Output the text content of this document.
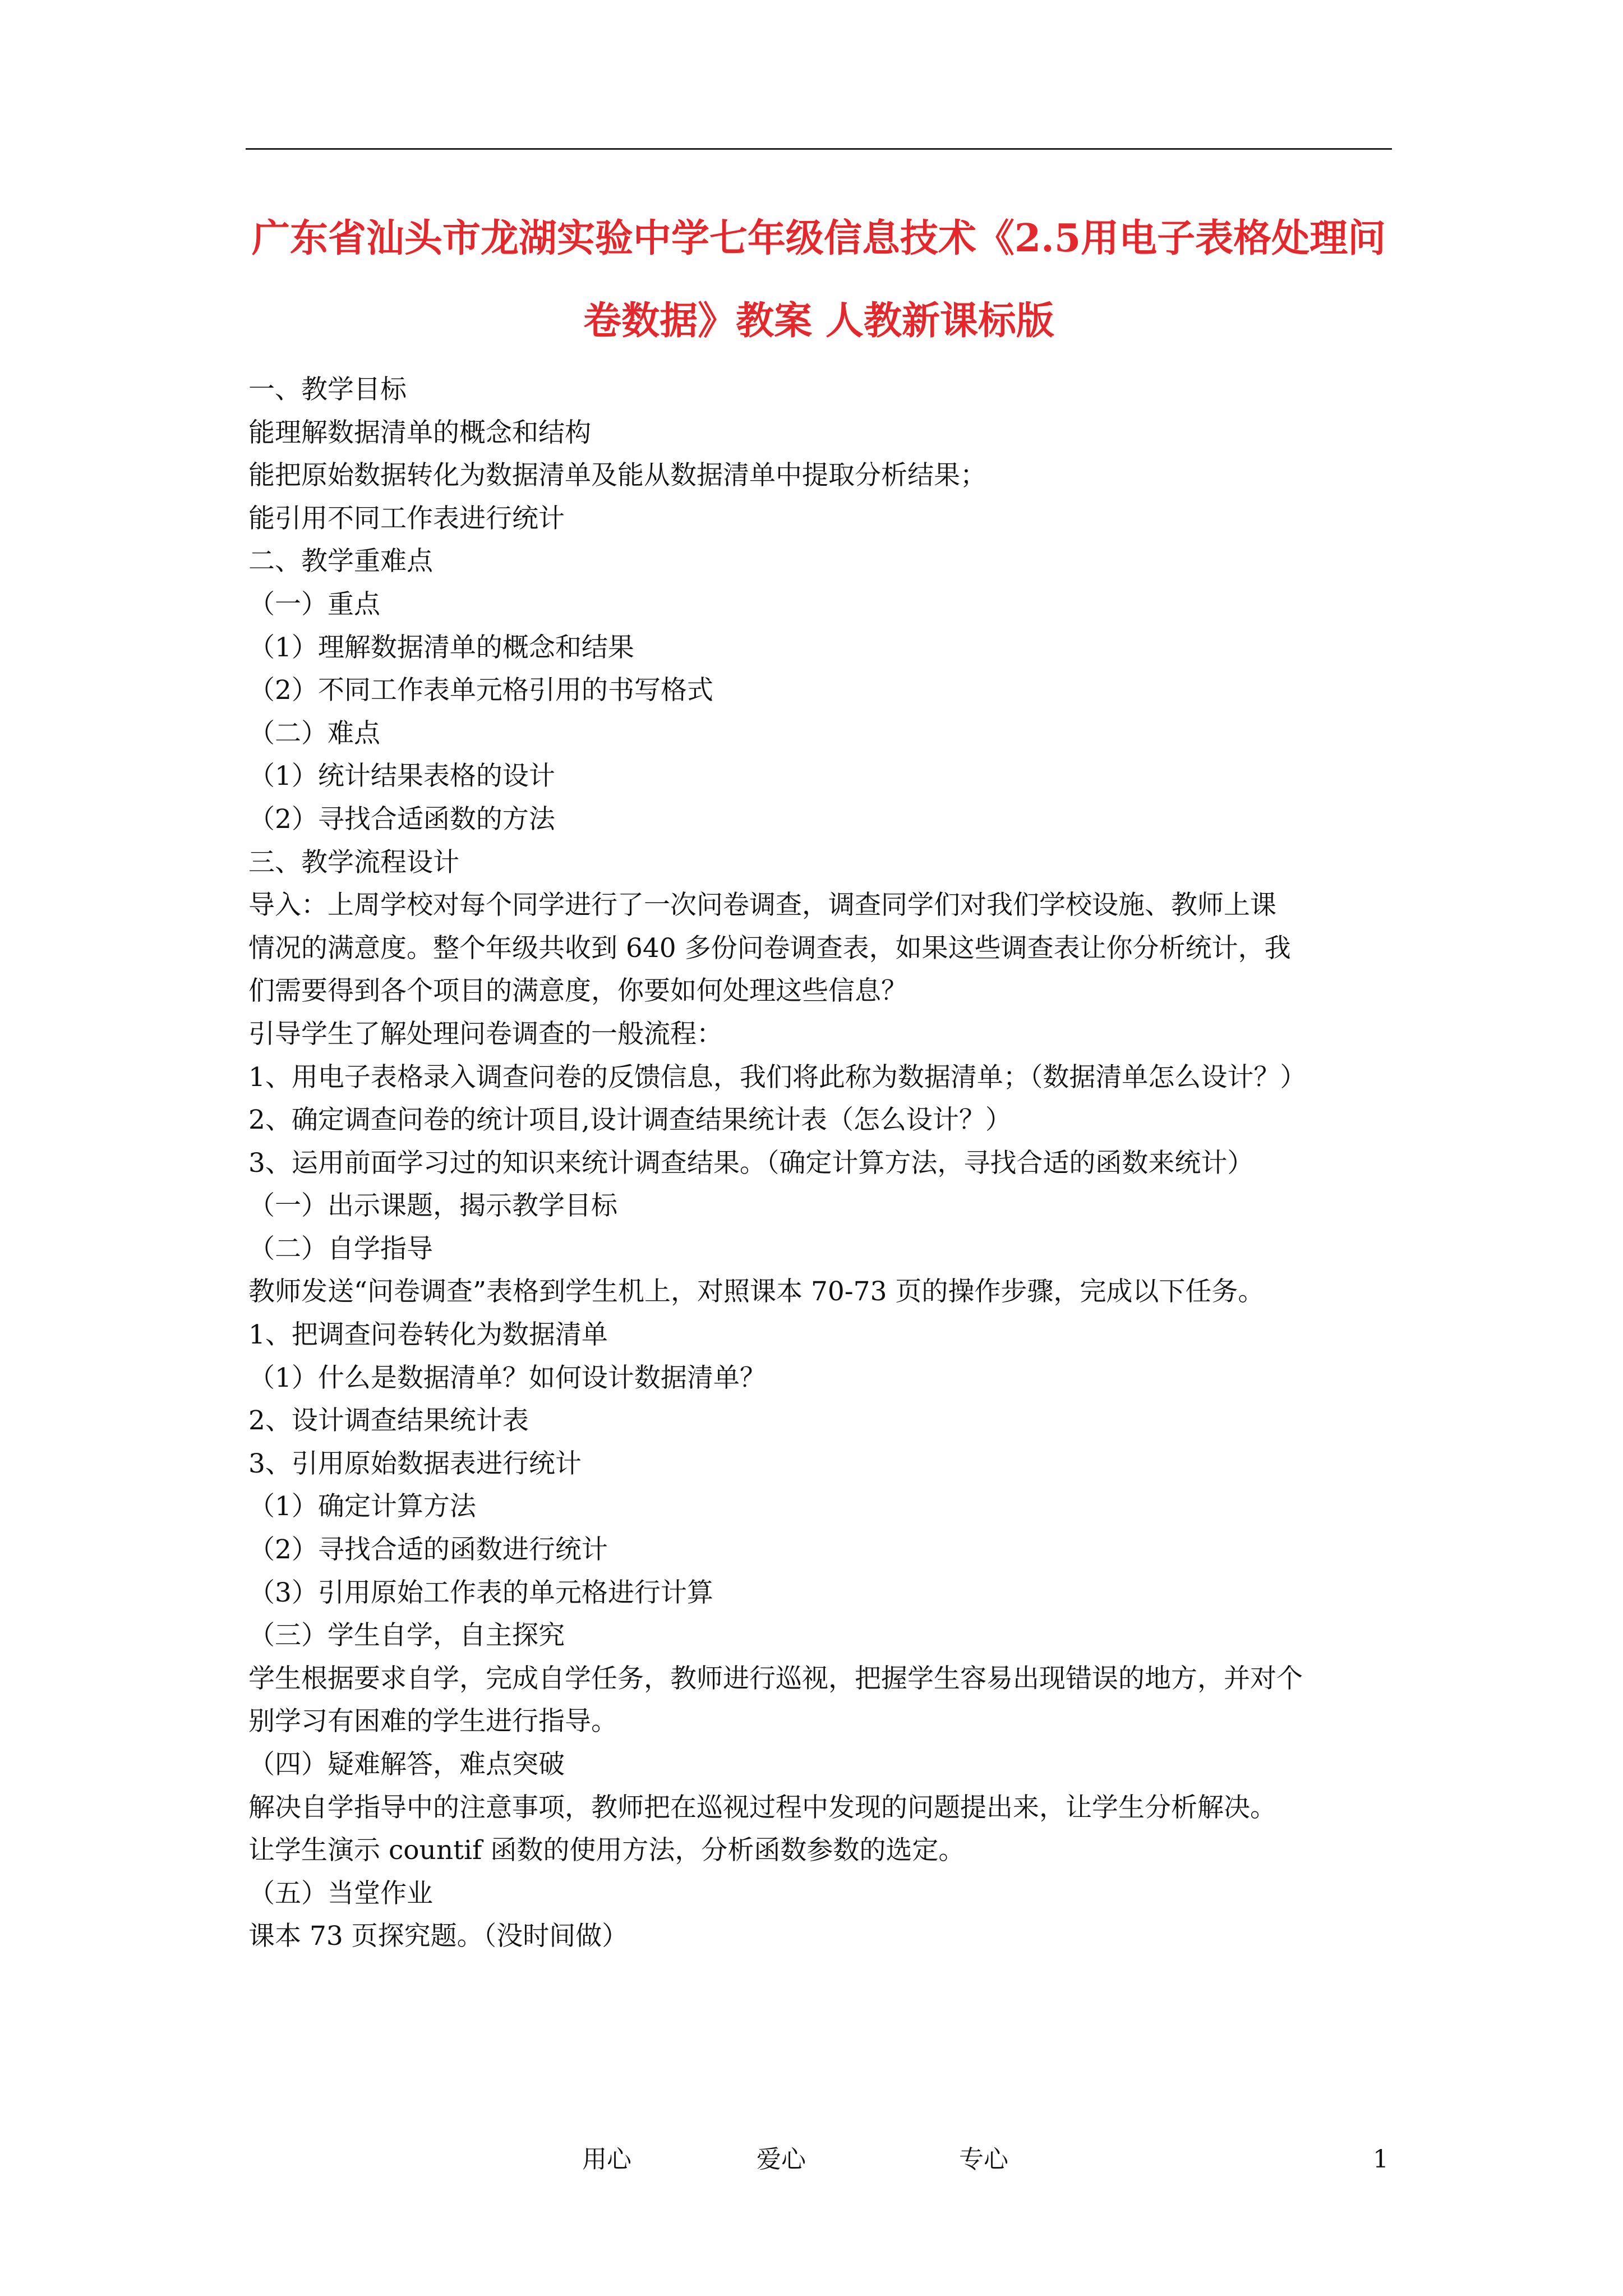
广东省汕头市龙湖实验中学七年级信息技术《2.5用电子表格处理问
卷数据》教案 人教新课标版
一、教学目标
能理解数据清单的概念和结构
能把原始数据转化为数据清单及能从数据清单中提取分析结果；
能引用不同工作表进行统计
二、教学重难点
（一）重点
（1）理解数据清单的概念和结果
（2）不同工作表单元格引用的书写格式
（二）难点
（1）统计结果表格的设计
（2）寻找合适函数的方法
三、教学流程设计
导入：上周学校对每个同学进行了一次问卷调查，调查同学们对我们学校设施、教师上课
情况的满意度。整个年级共收到 640 多份问卷调查表，如果这些调查表让你分析统计，我
们需要得到各个项目的满意度，你要如何处理这些信息？
引导学生了解处理问卷调查的一般流程：
1、用电子表格录入调查问卷的反馈信息，我们将此称为数据清单；（数据清单怎么设计？）
2、确定调查问卷的统计项目,设计调查结果统计表（怎么设计？）
3、运用前面学习过的知识来统计调查结果。（确定计算方法，寻找合适的函数来统计）
（一）出示课题，揭示教学目标
（二）自学指导
教师发送“问卷调查”表格到学生机上，对照课本 70-73 页的操作步骤，完成以下任务。
1、把调查问卷转化为数据清单
（1）什么是数据清单？如何设计数据清单？
2、设计调查结果统计表
3、引用原始数据表进行统计
（1）确定计算方法
（2）寻找合适的函数进行统计
（3）引用原始工作表的单元格进行计算
（三）学生自学，自主探究
学生根据要求自学，完成自学任务，教师进行巡视，把握学生容易出现错误的地方，并对个
别学习有困难的学生进行指导。
（四）疑难解答，难点突破
解决自学指导中的注意事项，教师把在巡视过程中发现的问题提出来，让学生分析解决。
让学生演示 countif 函数的使用方法，分析函数参数的选定。
（五）当堂作业
课本 73 页探究题。（没时间做）
用心	爱心	专心	1
